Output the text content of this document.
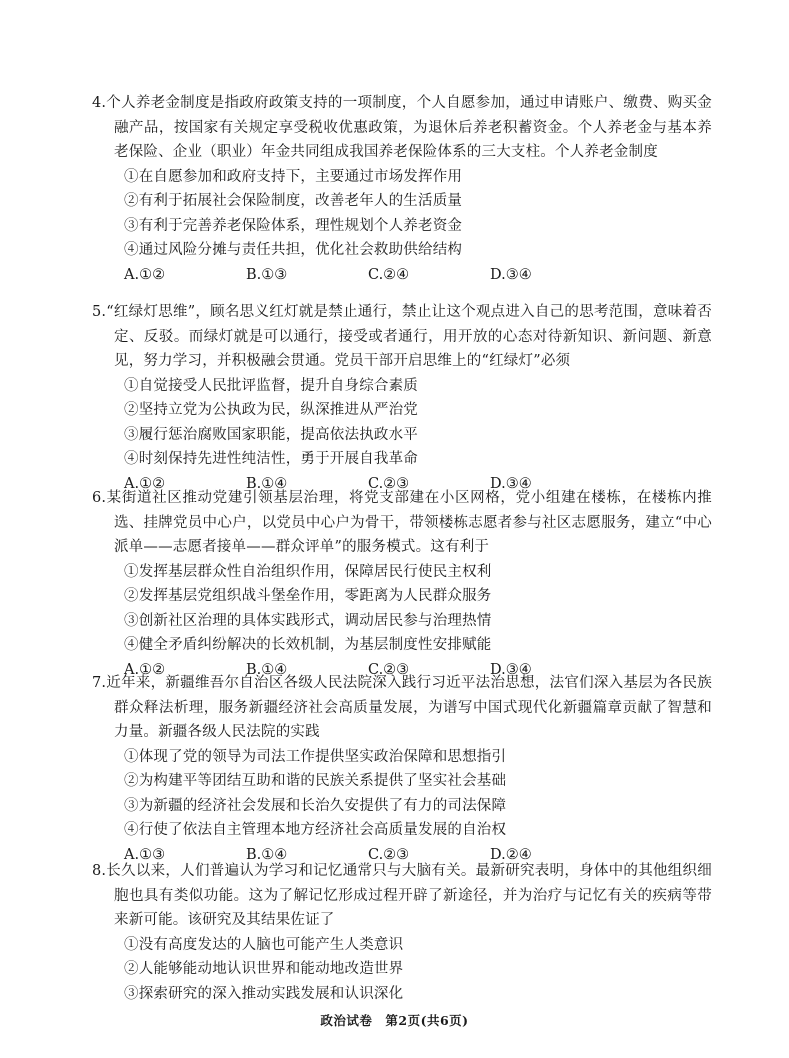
4.个人养老金制度是指政府政策支持的一项制度，个人自愿参加，通过申请账户、缴费、购买金融产品，按国家有关规定享受税收优惠政策，为退休后养老积蓄资金。个人养老金与基本养老保险、企业（职业）年金共同组成我国养老保险体系的三大支柱。个人养老金制度
①在自愿参加和政府支持下，主要通过市场发挥作用
②有利于拓展社会保险制度，改善老年人的生活质量
③有利于完善养老保险体系，理性规划个人养老资金
④通过风险分摊与责任共担，优化社会救助供给结构
A.①②	B.①③	C.②④	D.③④
5.“红绿灯思维”，顾名思义红灯就是禁止通行，禁止让这个观点进入自己的思考范围，意味着否定、反驳。而绿灯就是可以通行，接受或者通行，用开放的心态对待新知识、新问题、新意见，努力学习，并积极融会贯通。党员干部开启思维上的“红绿灯”必须
①自觉接受人民批评监督，提升自身综合素质
②坚持立党为公执政为民，纵深推进从严治党
③履行惩治腐败国家职能，提高依法执政水平
④时刻保持先进性纯洁性，勇于开展自我革命
A.①②	B.①④	C.②③	D.③④
6.某街道社区推动党建引领基层治理，将党支部建在小区网格，党小组建在楼栋，在楼栋内推选、挂牌党员中心户，以党员中心户为骨干，带领楼栋志愿者参与社区志愿服务，建立“中心派单——志愿者接单——群众评单”的服务模式。这有利于
①发挥基层群众性自治组织作用，保障居民行使民主权利
②发挥基层党组织战斗堡垒作用，零距离为人民群众服务
③创新社区治理的具体实践形式，调动居民参与治理热情
④健全矛盾纠纷解决的长效机制，为基层制度性安排赋能
A.①②	B.①④	C.②③	D.③④
7.近年来，新疆维吾尔自治区各级人民法院深入践行习近平法治思想，法官们深入基层为各民族群众释法析理，服务新疆经济社会高质量发展，为谱写中国式现代化新疆篇章贡献了智慧和力量。新疆各级人民法院的实践
①体现了党的领导为司法工作提供坚实政治保障和思想指引
②为构建平等团结互助和谐的民族关系提供了坚实社会基础
③为新疆的经济社会发展和长治久安提供了有力的司法保障
④行使了依法自主管理本地方经济社会高质量发展的自治权
A.①③	B.①④	C.②③	D.②④
8.长久以来，人们普遍认为学习和记忆通常只与大脑有关。最新研究表明，身体中的其他组织细胞也具有类似功能。这为了解记忆形成过程开辟了新途径，并为治疗与记忆有关的疾病等带来新可能。该研究及其结果佐证了
①没有高度发达的人脑也可能产生人类意识
②人能够能动地认识世界和能动地改造世界
③探索研究的深入推动实践发展和认识深化
政治试卷　第2页(共6页)
